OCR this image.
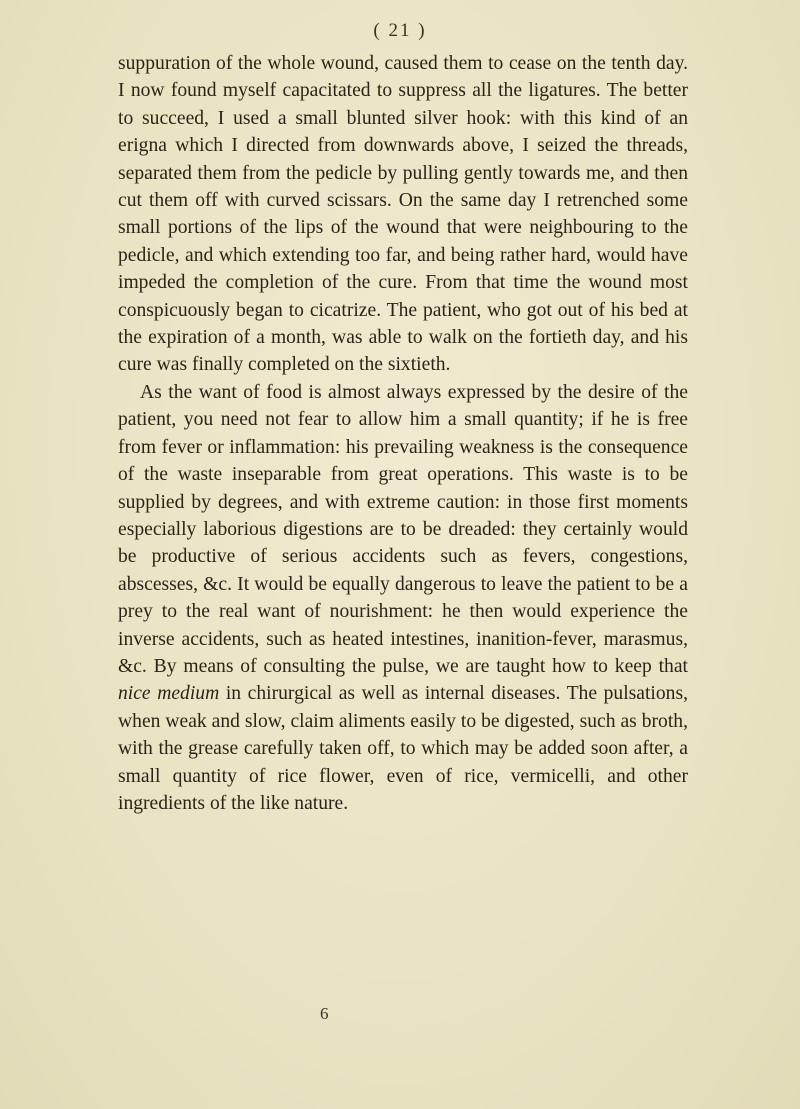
( 21 )

suppuration of the whole wound, caused them to cease on the tenth day. I now found myself capacitated to suppress all the ligatures. The better to succeed, I used a small blunted silver hook: with this kind of an erigna which I directed from downwards above, I seized the threads, separated them from the pedicle by pulling gently towards me, and then cut them off with curved scissars. On the same day I retrenched some small portions of the lips of the wound that were neighbouring to the pedicle, and which extending too far, and being rather hard, would have impeded the completion of the cure. From that time the wound most conspicuously began to cicatrize. The patient, who got out of his bed at the expiration of a month, was able to walk on the fortieth day, and his cure was finally completed on the sixtieth.

As the want of food is almost always expressed by the desire of the patient, you need not fear to allow him a small quantity; if he is free from fever or inflammation: his prevailing weakness is the consequence of the waste inseparable from great operations. This waste is to be supplied by degrees, and with extreme caution: in those first moments especially laborious digestions are to be dreaded: they certainly would be productive of serious accidents such as fevers, congestions, abscesses, &c. It would be equally dangerous to leave the patient to be a prey to the real want of nourishment: he then would experience the inverse accidents, such as heated intestines, inanition-fever, marasmus, &c. By means of consulting the pulse, we are taught how to keep that nice medium in chirurgical as well as internal diseases. The pulsations, when weak and slow, claim aliments easily to be digested, such as broth, with the grease carefully taken off, to which may be added soon after, a small quantity of rice flower, even of rice, vermicelli, and other ingredients of the like nature.

6
